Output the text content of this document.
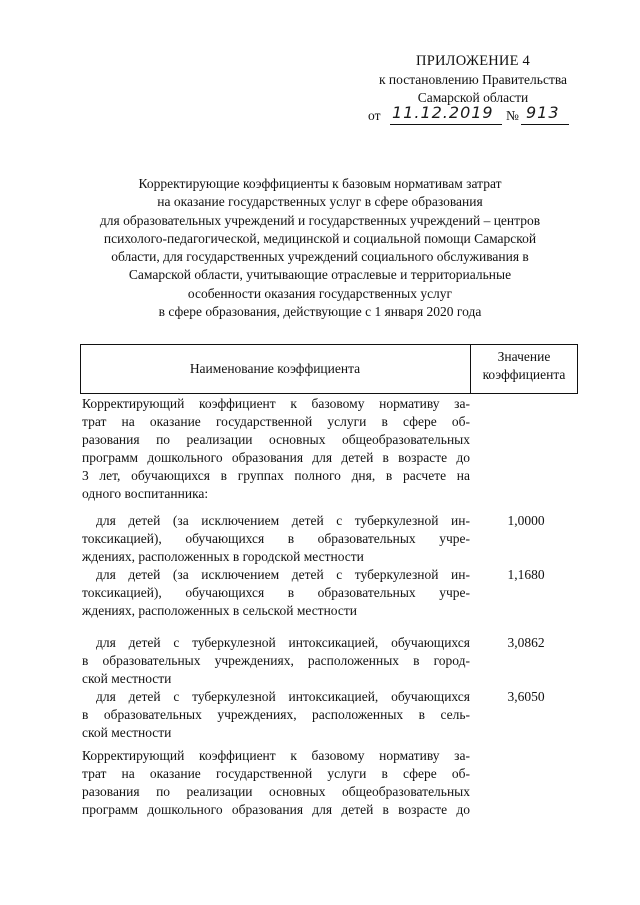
ПРИЛОЖЕНИЕ 4
к постановлению Правительства
Самарской области
от 11.12.2019 № 913
Корректирующие коэффициенты к базовым нормативам затрат
на оказание государственных услуг в сфере образования
для образовательных учреждений и государственных учреждений – центров
психолого-педагогической, медицинской и социальной помощи Самарской
области, для государственных учреждений социального обслуживания в
Самарской области, учитывающие отраслевые и территориальные
особенности оказания государственных услуг
в сфере образования, действующие с 1 января 2020 года
Наименование коэффициента
Значение
коэффициента
Корректирующий коэффициент к базовому нормативу за-
трат на оказание государственной услуги в сфере об-
разования по реализации основных общеобразовательных
программ дошкольного образования для детей в возрасте до
3 лет, обучающихся в группах полного дня, в расчете на
одного воспитанника:
для детей (за исключением детей с туберкулезной ин-
токсикацией), обучающихся в образовательных учре-
ждениях, расположенных в городской местности
1,0000
для детей (за исключением детей с туберкулезной ин-
токсикацией), обучающихся в образовательных учре-
ждениях, расположенных в сельской местности
1,1680
для детей с туберкулезной интоксикацией, обучающихся
в образовательных учреждениях, расположенных в город-
ской местности
3,0862
для детей с туберкулезной интоксикацией, обучающихся
в образовательных учреждениях, расположенных в сель-
ской местности
3,6050
Корректирующий коэффициент к базовому нормативу за-
трат на оказание государственной услуги в сфере об-
разования по реализации основных общеобразовательных
программ дошкольного образования для детей в возрасте до
